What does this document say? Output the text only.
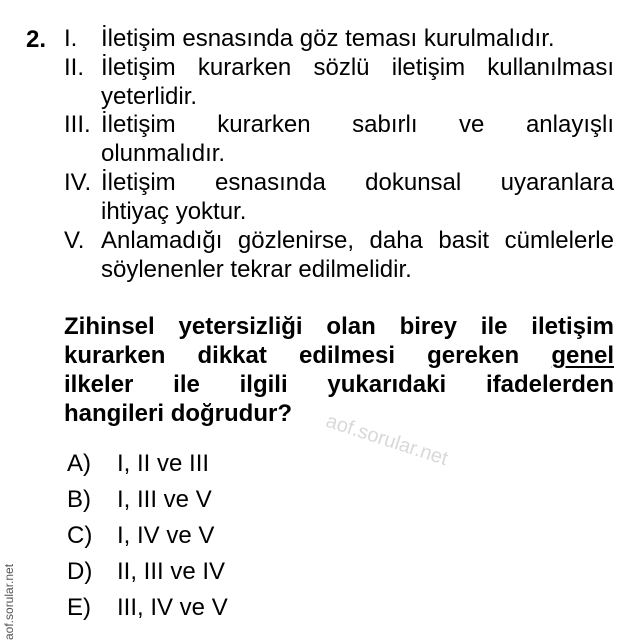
2. I. İletişim esnasında göz teması kurulmalıdır.
II. İletişim kurarken sözlü iletişim kullanılması
yeterlidir.
III. İletişim kurarken sabırlı ve anlayışlı
olunmalıdır.
IV. İletişim esnasında dokunsal uyaranlara
ihtiyaç yoktur.
V. Anlamadığı gözlenirse, daha basit cümlelerle
söylenenler tekrar edilmelidir.
Zihinsel yetersizliği olan birey ile iletişim
kurarken dikkat edilmesi gereken genel
ilkeler ile ilgili yukarıdaki ifadelerden
hangileri doğrudur?
A) I, II ve III
B) I, III ve V
C) I, IV ve V
D) II, III ve IV
E) III, IV ve V
aof.sorular.net
aof.sorular.net
